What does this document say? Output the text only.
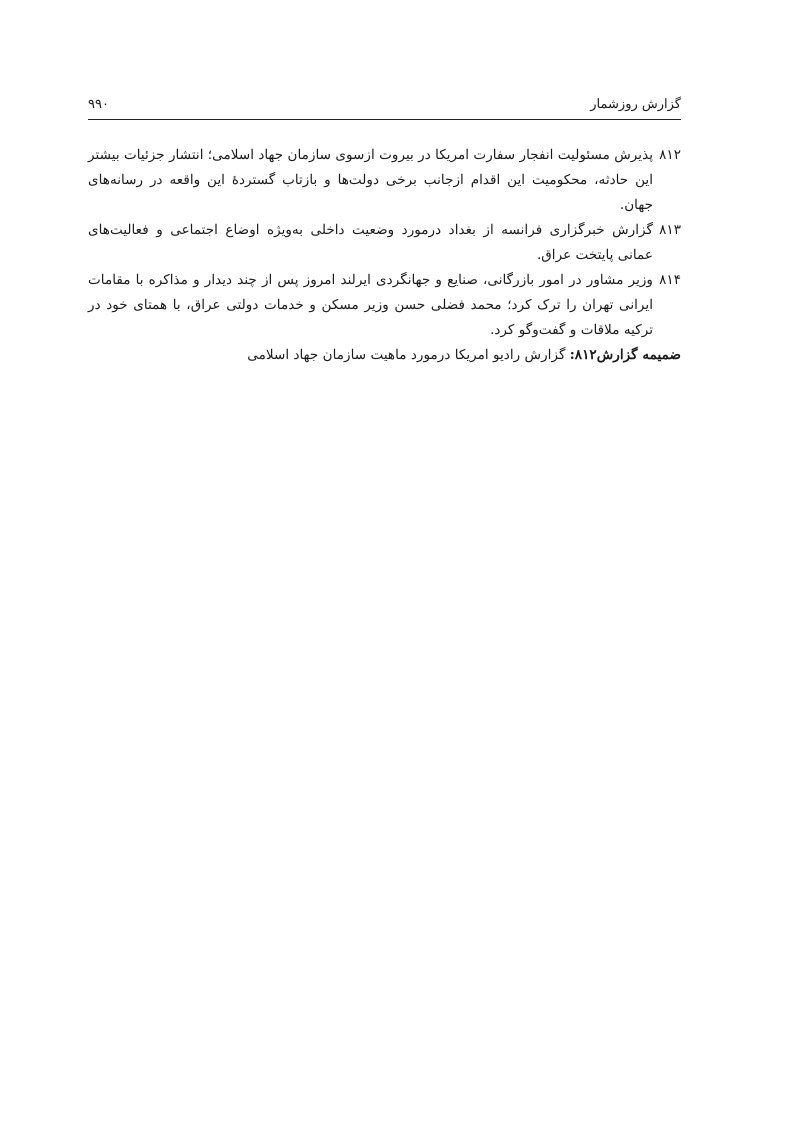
گزارش روزشمار
۹۹۰
۸۱۲
پذیرش مسئولیت انفجار سفارت امریکا در بیروت ازسوی سازمان جهاد اسلامی؛ انتشار جزئیات بیشتر این حادثه، محکومیت این اقدام ازجانب برخی دولت‌ها و بازتاب گستردهٔ این واقعه در رسانه‌های جهان.
۸۱۳
گزارش خبرگزاری فرانسه از بغداد درمورد وضعیت داخلی به‌ویژه اوضاع اجتماعی و فعالیت‌های عمانی پایتخت عراق.
۸۱۴
وزیر مشاور در امور بازرگانی، صنایع و جهانگردی ایرلند امروز پس از چند دیدار و مذاکره با مقامات ایرانی تهران را ترک کرد؛ محمد فضلی حسن وزیر مسکن و خدمات دولتی عراق، با همتای خود در ترکیه ملاقات و گفت‌وگو کرد.
ضمیمه گزارش۸۱۲: گزارش رادیو امریکا درمورد ماهیت سازمان جهاد اسلامی
